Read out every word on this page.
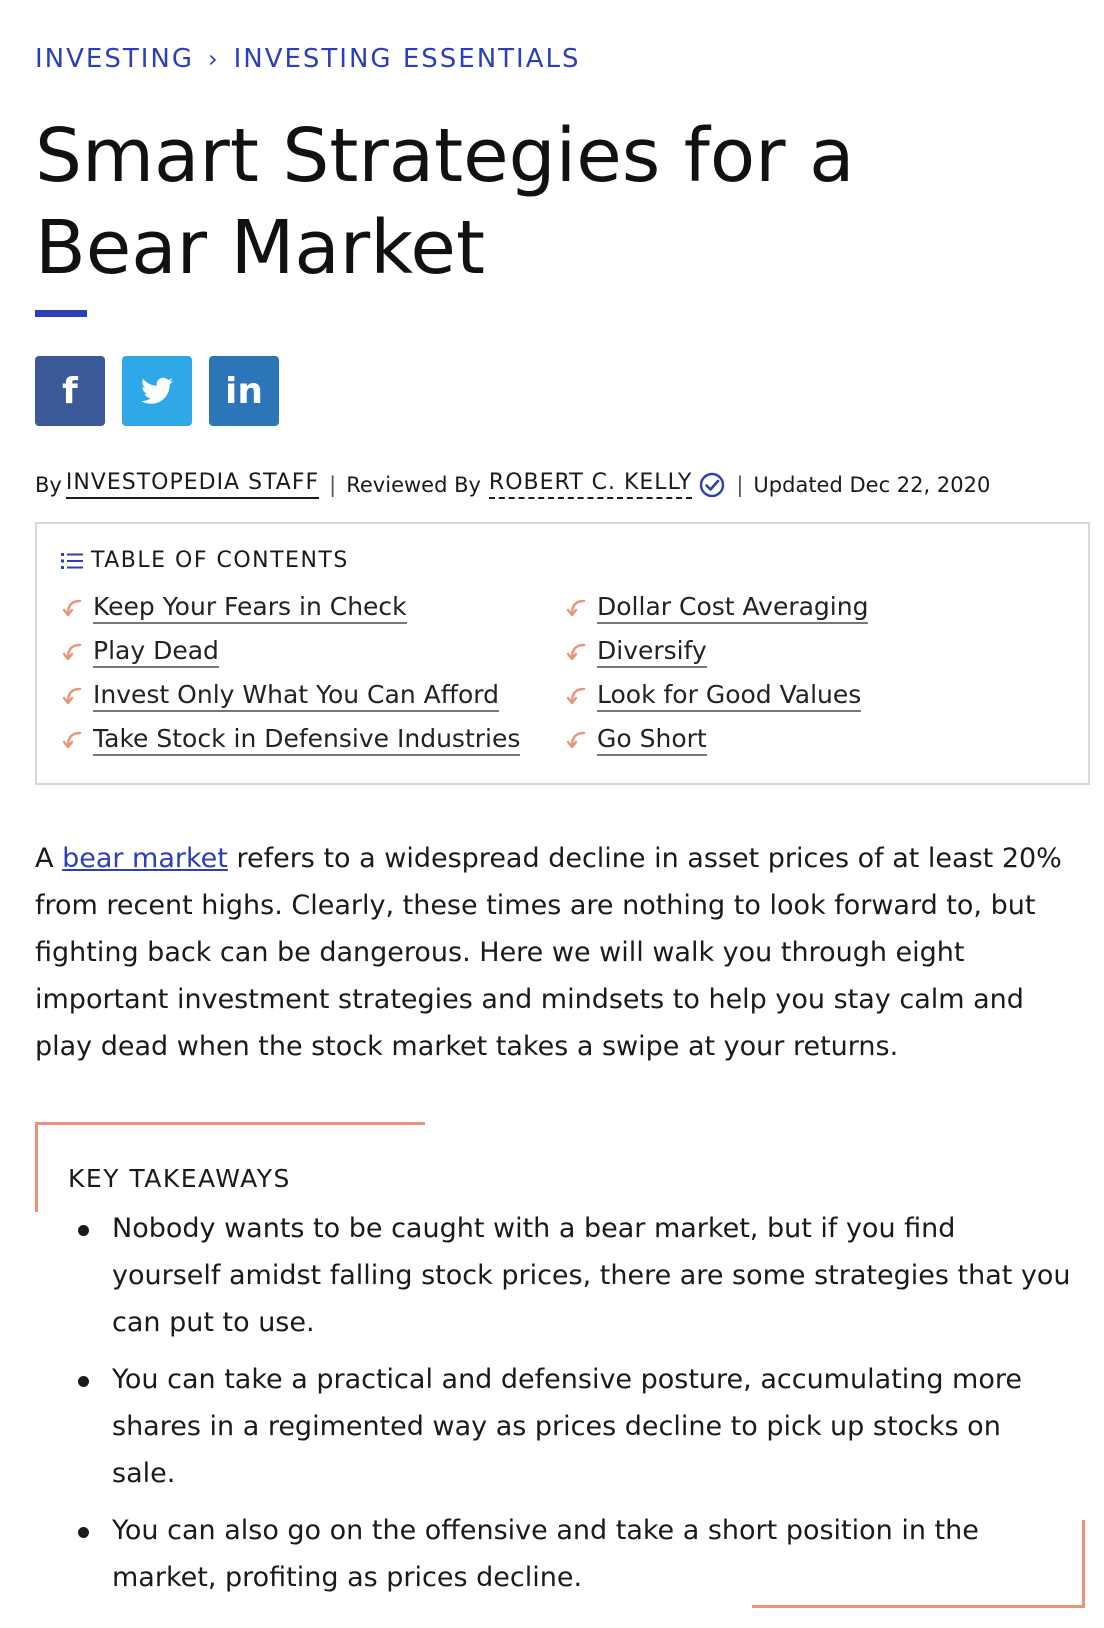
INVESTING › INVESTING ESSENTIALS
Smart Strategies for a Bear Market
f	in
By INVESTOPEDIA STAFF | Reviewed By ROBERT C. KELLY | Updated Dec 22, 2020
TABLE OF CONTENTS
Keep Your Fears in Check
Play Dead
Invest Only What You Can Afford
Take Stock in Defensive Industries
Dollar Cost Averaging
Diversify
Look for Good Values
Go Short

A bear market refers to a widespread decline in asset prices of at least 20% from recent highs. Clearly, these times are nothing to look forward to, but fighting back can be dangerous. Here we will walk you through eight important investment strategies and mindsets to help you stay calm and play dead when the stock market takes a swipe at your returns.

KEY TAKEAWAYS
Nobody wants to be caught with a bear market, but if you find yourself amidst falling stock prices, there are some strategies that you can put to use.
You can take a practical and defensive posture, accumulating more shares in a regimented way as prices decline to pick up stocks on sale.
You can also go on the offensive and take a short position in the market, profiting as prices decline.
